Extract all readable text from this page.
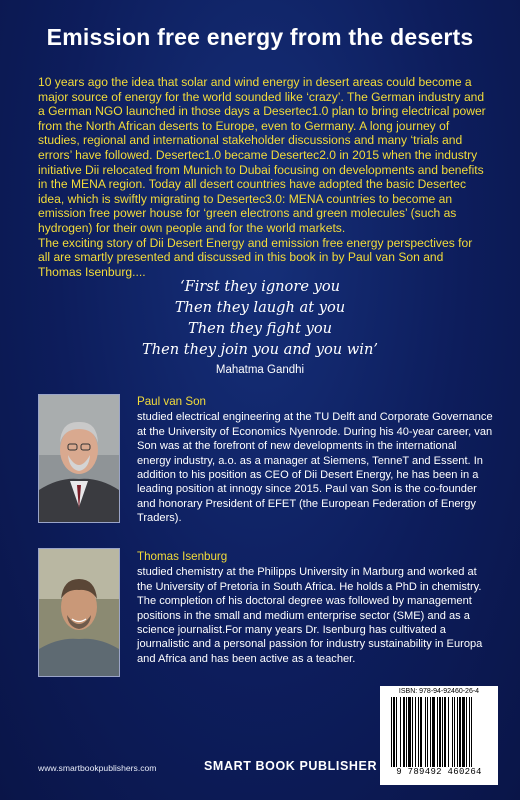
Emission free energy from the deserts

10 years ago the idea that solar and wind energy in desert areas could become a major source of energy for the world sounded like ‘crazy’. The German industry and a German NGO launched in those days a Desertec1.0 plan to bring electrical power from the North African deserts to Europe, even to Germany. A long journey of studies, regional and international stakeholder discussions and many ‘trials and errors’ have followed. Desertec1.0 became Desertec2.0 in 2015 when the industry initiative Dii relocated from Munich to Dubai focusing on developments and benefits in the MENA region. Today all desert countries have adopted the basic Desertec idea, which is swiftly migrating to Desertec3.0: MENA countries to become an emission free power house for ‘green electrons and green molecules’ (such as hydrogen) for their own people and for the world markets.

The exciting story of Dii Desert Energy and emission free energy perspectives for all are smartly presented and discussed in this book in by Paul van Son and Thomas Isenburg....

‘First they ignore you
Then they laugh at you
Then they fight you
Then they join you and you win’
Mahatma Gandhi
Paul van Son
studied electrical engineering at the TU Delft and Corporate Governance at the University of Economics Nyenrode. During his 40-year career, van Son was at the forefront of new developments in the international energy industry, a.o. as a manager at Siemens, TenneT and Essent. In addition to his position as CEO of Dii Desert Energy, he has been in a leading position at innogy since 2015. Paul van Son is the co-founder and honorary President of EFET (the European Federation of Energy Traders).
Thomas Isenburg
studied chemistry at the Philipps University in Marburg and worked at the University of Pretoria in South Africa. He holds a PhD in chemistry. The completion of his doctoral degree was followed by management positions in the small and medium enterprise sector (SME) and as a science journalist.For many years Dr. Isenburg has cultivated a journalistic and a personal passion for industry sustainability in Europa and Africa and has been active as a teacher.
ISBN: 978-94-92460-26-4
9 789492 460264
www.smartbookpublishers.com	SMART BOOK PUBLISHER
